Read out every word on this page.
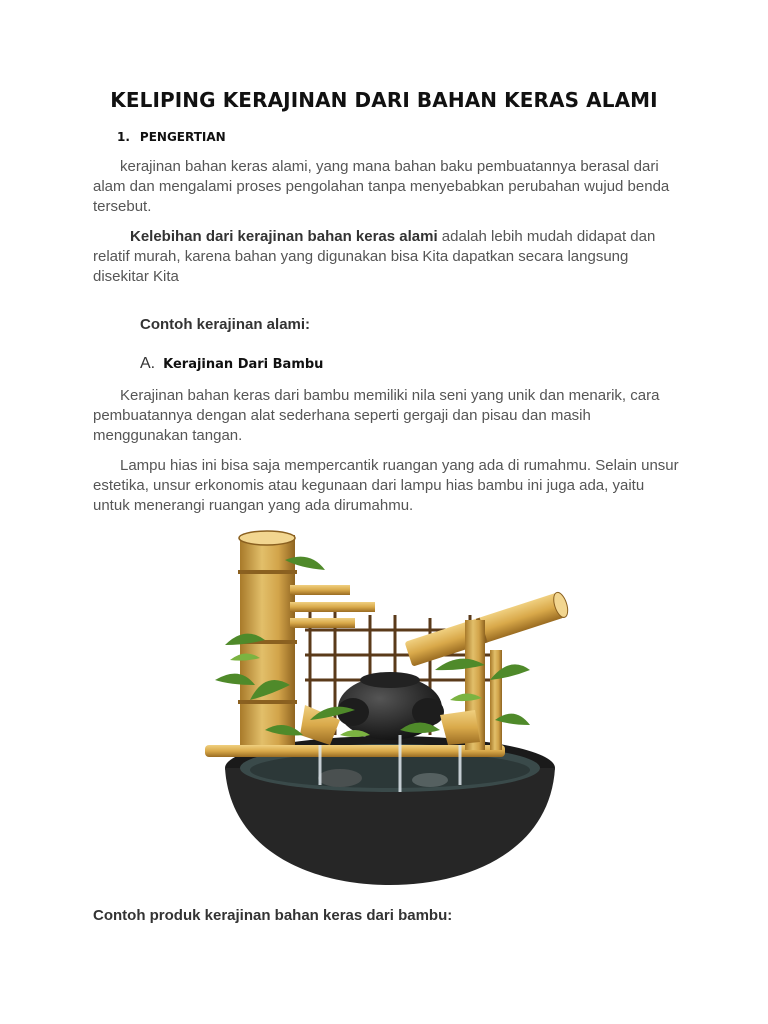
KELIPING KERAJINAN DARI BAHAN KERAS ALAMI
1. PENGERTIAN
kerajinan bahan keras alami, yang mana bahan baku pembuatannya berasal dari alam dan mengalami proses pengolahan tanpa menyebabkan perubahan wujud benda tersebut.
Kelebihan dari kerajinan bahan keras alami adalah lebih mudah didapat dan relatif murah, karena bahan yang digunakan bisa Kita dapatkan secara langsung disekitar Kita
Contoh kerajinan alami:
A. Kerajinan Dari Bambu
Kerajinan bahan keras dari bambu memiliki nila seni yang unik dan menarik, cara pembuatannya dengan alat sederhana seperti gergaji dan pisau dan masih menggunakan tangan.
Lampu hias ini bisa saja mempercantik ruangan yang ada di rumahmu. Selain unsur estetika, unsur erkonomis atau kegunaan dari lampu hias bambu ini juga ada, yaitu untuk menerangi ruangan yang ada dirumahmu.
Contoh produk kerajinan bahan keras dari bambu:
